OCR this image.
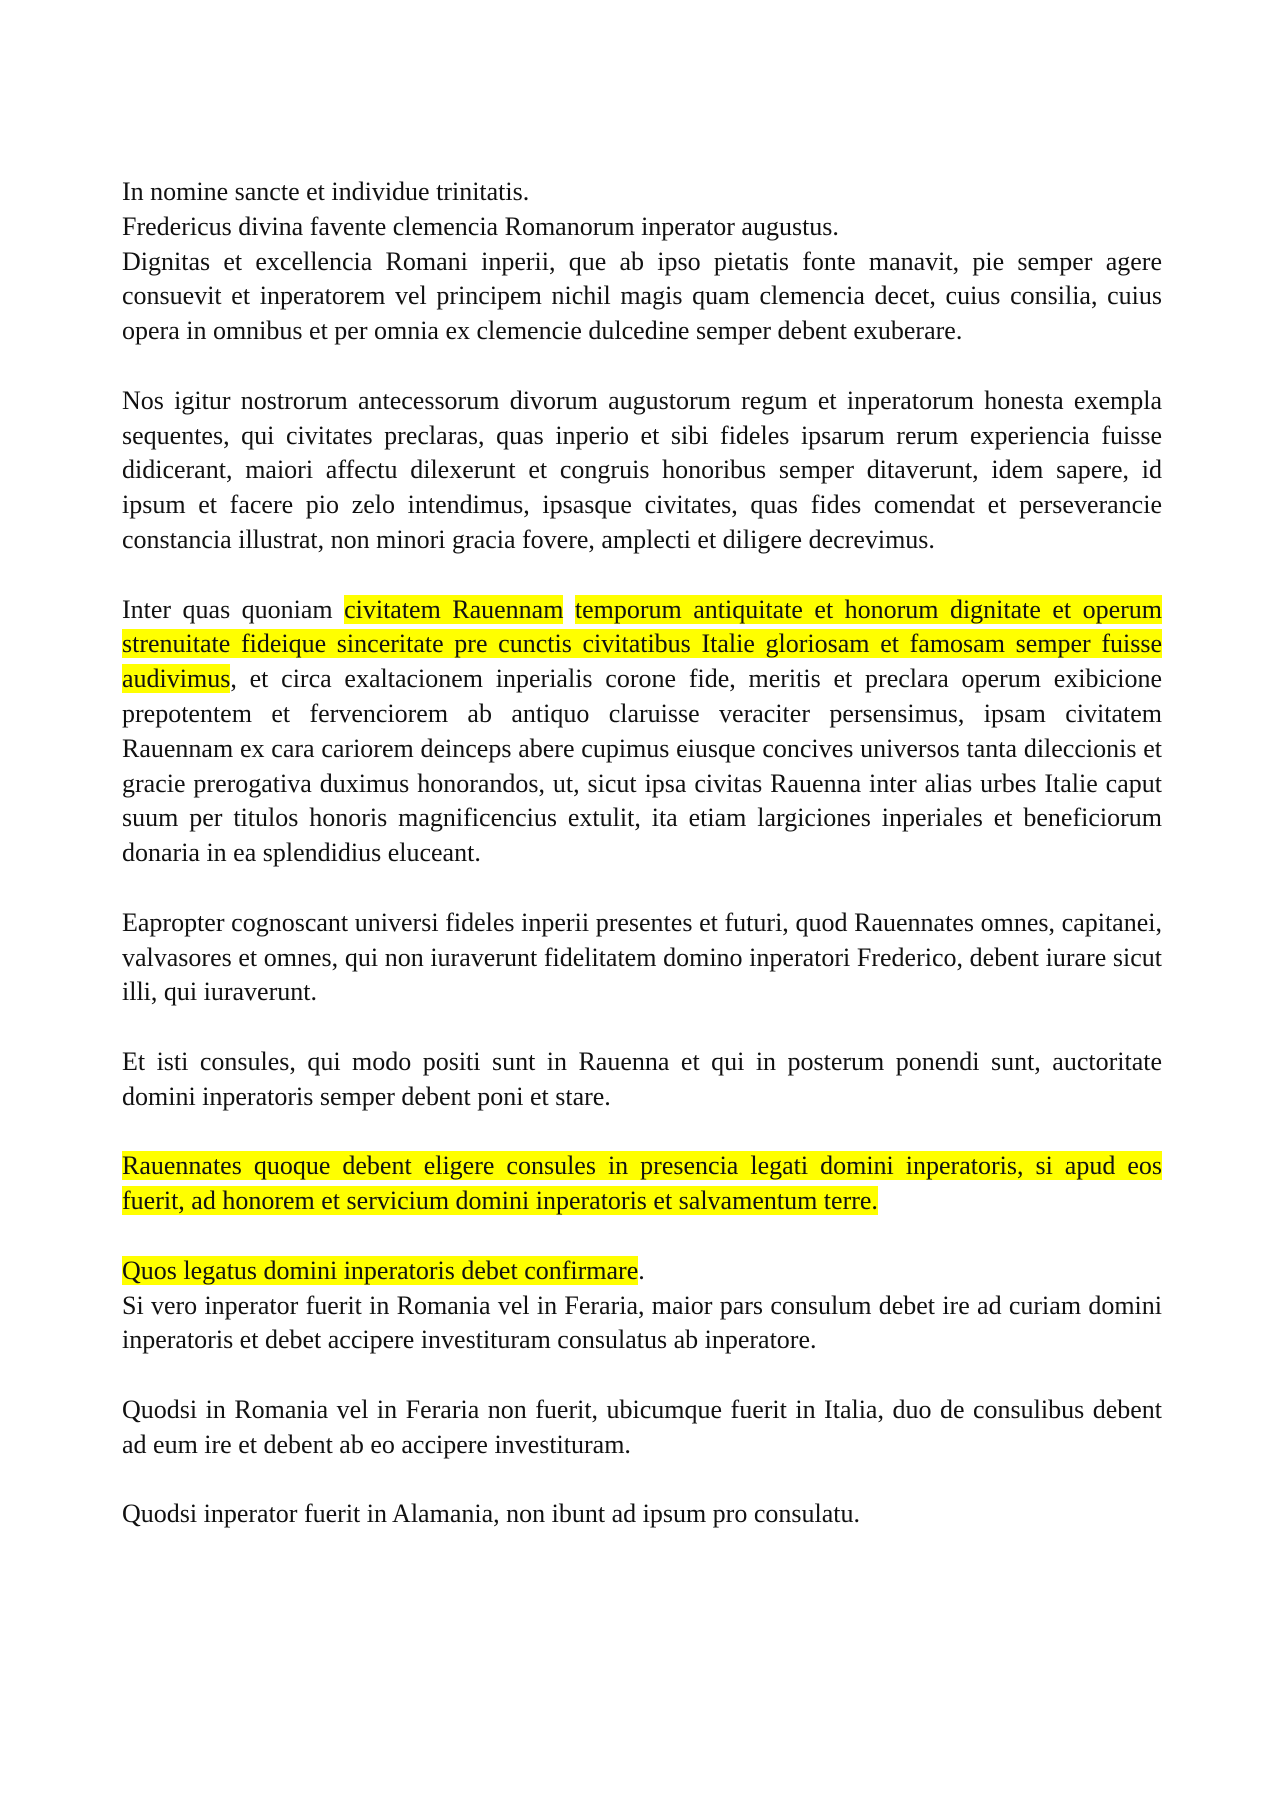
In nomine sancte et individue trinitatis.

Fredericus divina favente clemencia Romanorum inperator augustus.

Dignitas et excellencia Romani inperii, que ab ipso pietatis fonte manavit, pie semper agere consuevit et inperatorem vel principem nichil magis quam clemencia decet, cuius consilia, cuius opera in omnibus et per omnia ex clemencie dulcedine semper debent exuberare.

Nos igitur nostrorum antecessorum divorum augustorum regum et inperatorum honesta exempla sequentes, qui civitates preclaras, quas inperio et sibi fideles ipsarum rerum experiencia fuisse didicerant, maiori affectu dilexerunt et congruis honoribus semper ditaverunt, idem sapere, id ipsum et facere pio zelo intendimus, ipsasque civitates, quas fides comendat et perseverancie constancia illustrat, non minori gracia fovere, amplecti et diligere decrevimus.

Inter quas quoniam civitatem Rauennam temporum antiquitate et honorum dignitate et operum strenuitate fideique sinceritate pre cunctis civitatibus Italie gloriosam et famosam semper fuisse audivimus, et circa exaltacionem inperialis corone fide, meritis et preclara operum exibicione prepotentem et fervenciorem ab antiquo claruisse veraciter persensimus, ipsam civitatem Rauennam ex cara cariorem deinceps abere cupimus eiusque concives universos tanta dileccionis et gracie prerogativa duximus honorandos, ut, sicut ipsa civitas Rauenna inter alias urbes Italie caput suum per titulos honoris magnificencius extulit, ita etiam largiciones inperiales et beneficiorum donaria in ea splendidius eluceant.

Eapropter cognoscant universi fideles inperii presentes et futuri, quod Rauennates omnes, capitanei, valvasores et omnes, qui non iuraverunt fidelitatem domino inperatori Frederico, debent iurare sicut illi, qui iuraverunt.

Et isti consules, qui modo positi sunt in Rauenna et qui in posterum ponendi sunt, auctoritate domini inperatoris semper debent poni et stare.

Rauennates quoque debent eligere consules in presencia legati domini inperatoris, si apud eos fuerit, ad honorem et servicium domini inperatoris et salvamentum terre.

Quos legatus domini inperatoris debet confirmare.

Si vero inperator fuerit in Romania vel in Feraria, maior pars consulum debet ire ad curiam domini inperatoris et debet accipere investituram consulatus ab inperatore.

Quodsi in Romania vel in Feraria non fuerit, ubicumque fuerit in Italia, duo de consulibus debent ad eum ire et debent ab eo accipere investituram.

Quodsi inperator fuerit in Alamania, non ibunt ad ipsum pro consulatu.
